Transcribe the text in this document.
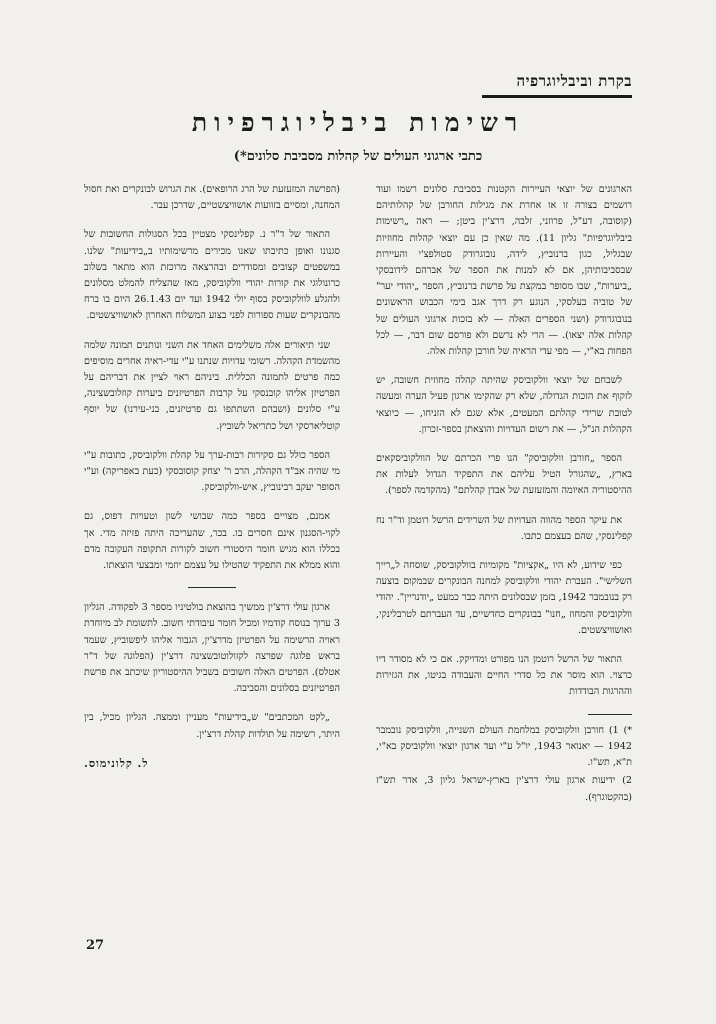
בקרת וביבליוגרפיה
רשימות ביבליוגרפיות
כתבי ארגוני העולים של קהלות מסביבת סלונים*)

הארגונים של יוצאי העיירות הקטנות בסביבת סלונים רשמו ועוד רושמים בצורה זו או אחרת את מגילות החורבן של קהלותיהם (קוסובה, דע"ל, פרוזני, זלבה, דרצ'ין ביטן; — ראה „רשימות ביבליוגרפיות" גליון 11). מה שאין כן עם יוצאי קהלות מחוזיות שבגליל, כגון ברנוביץ, לידה, נובוגרודק סטולפצ'י והעיירות שבסביבותיהן, אם לא למנות את הספר של אברהם לידובסקי „ביערות", שבו מסופר במקצת על פרשת ברנוביץ, הספר „יהודי יער" של טוביה בעלסקי, הנוגע רק דרך אגב בימי הכבוש הראשונים בנובוגרודק (ושני הספרים האלה — לא בזכות ארגוני העולים של קהלות אלה יצאו). — הרי לא נרשם ולא פורסם שום דבר, — לכל הפחות בא"י, — מפי עדי הראיה של חורבן קהלות אלה.

לשבחם של יוצאי וולקוביסק שהיתה קהלה מחוזית חשובה, יש לזקוף את הזכות הגדולה, שלא רק שהקימו ארגון פעיל הערה ומעשה לטובת שרידי קהלתם המעטים, אלא שגם לא הזניחו, — כיוצאי הקהלות הנ"ל, — את רשום העדויות והוצאתן בספר-זכרון.

הספר „חורבן וולקוביסק" הנו פרי הכרתם של הוולקוביסקאים בארץ, „שהגורל הטיל עליהם את התפקיד הגדול לעלות את ההיסטוריה האיומה והמזעזעת של אבדן קהלתם" (מהקדמה לספר).

את עיקר הספר מהווה העדויות של השרידים הרשל רוטמן וד"ר נח קפלינסקי, שהם בעצמם כתבו.

כפי שידוע, לא היו „אקציות" מקומיות בוולקוביסק, שוסחה ל„רייך השלישי". העברת יהודי וולקוביסק למחנה הבונקרים שבמקום בוצעה רק בנובמבר 1942, בזמן שבסלונים היתה כבר כמעט „יודנריין". יהודי וולקוביסק והמחוז „חנו" בבונקרים כחדשיים, עד העברתם לטרבלינקי, ואושוויצשטים.

התאור של הרשל רוטמן הנו מפורט ומדויקק. אם כי לא מסודר דיו כרצוי. הוא מוסר את כל סדרי החיים והעבודה בגיטו, את הגזירות וההרגות הבודדות

*) 1) חורבן וולקוביסק במלחמת העולם השנייה, וולקוביסק נובמבר 1942 — יאנואר 1943, יו"ל ע"י ועד ארגון יוצאי וולקוביסק בא"י, ת"א, תש"ו.

2) ידיעות ארגון עולי דרצ'ין בארץ-ישראל גליון 3, אדר תש"ז (בהקטוגרף).

(הפרשה המזעזעת של הרג הרופאים). את הגרוש לבונקרים ואת חסול המחנה, ומסיים בזוועות אושוויצשטיים, שדרכן עבר.

התאור של ד"ר נ. קפלינסקי מצטיין בכל הסגולות החשובות של סגנונו ואופן כתיבתו שאנו מכירים מרשימותיו ב„בידיעות" שלנו. במשפטים קצובים ומסודרים ובהרצאה מרוכזת הוא מתאר בשלוב כרונולוגי את קורות יהודי וולקוביסק, מאז שהצליח להמלט מסלונים ולהגלע לוולקוביסק בסוף יולי 1942 ועד יום 26.1.43 היום בו ברח מהבונקרים שעות ספורות לפני בצוע המשלוח האחרון לאושוויצשטים.

שני תיאורים אלה משלימים האחד את השני ונותנים תמונה שלמה מהשמדת הקהלה. רשומי עדויות שנתנו ע"י עדי-ראיה אחרים מוסיפים כמה פרטים לתמונה הכללית. ביניהם ראוי לציין את דבריהם על הפרטיזן אליהו קובנסקי על קרבות הפרטיזנים ביערות קוזלובשצינה, ע"י סלונים (ושבהם השתתפו גם פרטיזנים, בני-עירנו) של יוסף קוטליארסקי ושל כתריאל לשוביץ.

הספר כולל גם סקירות רבות-ערך על קהלת וולקוביסק, כתובות ע"י מי שהיה אב"ד הקהלה, הרב ר' יצחק קוסובסקי (כעת באפריקה) וע"י הסופר יעקב רבינוביץ, איש-וולקוביסק.

אמנם, מצויים בספר כמה שבושי לשון וטעויות דפוס, גם לקוי-הסגנון אינם חסרים בו. בכר, שהעריכה היתה פזיזה מדי. אך בכללו הוא מגיש חומר היסטורי חשוב לקורות התקופה העקובה מדם והוא ממלא את התפקיד שהטילו על עצמם יוזמי ומבצעי הוצאתו.

ארגון עולי דרצ'ין ממשיך בהוצאת בולטיניו מספר 3 לפקודה. הגליון 3 ערוך בנוסח קודמיו ומכיל חומר עיבודתי חשוב. לתשומת לב מיוחדת ראויה הרשימה על הפרטיזן מדרצ'ין, הגבור אליהו ליפשוביץ, שעמד בראש פלוגה שפרצה לקזולוטובשצינה דרצ'ין (הפלוגה של ד"ר אטלס). הפרטים האלה חשובים בשביל ההיסטוריון שיכתב את פרשת הפרטיזנים בסלונים והסביבה.

„לקט המכתבים" ש„בידיעות" מעניין וממצה. הגליון מכיל, בין היתר, רשימה על תולדות קהלת דרצ'ין.

ל. קלונימוס.
27
